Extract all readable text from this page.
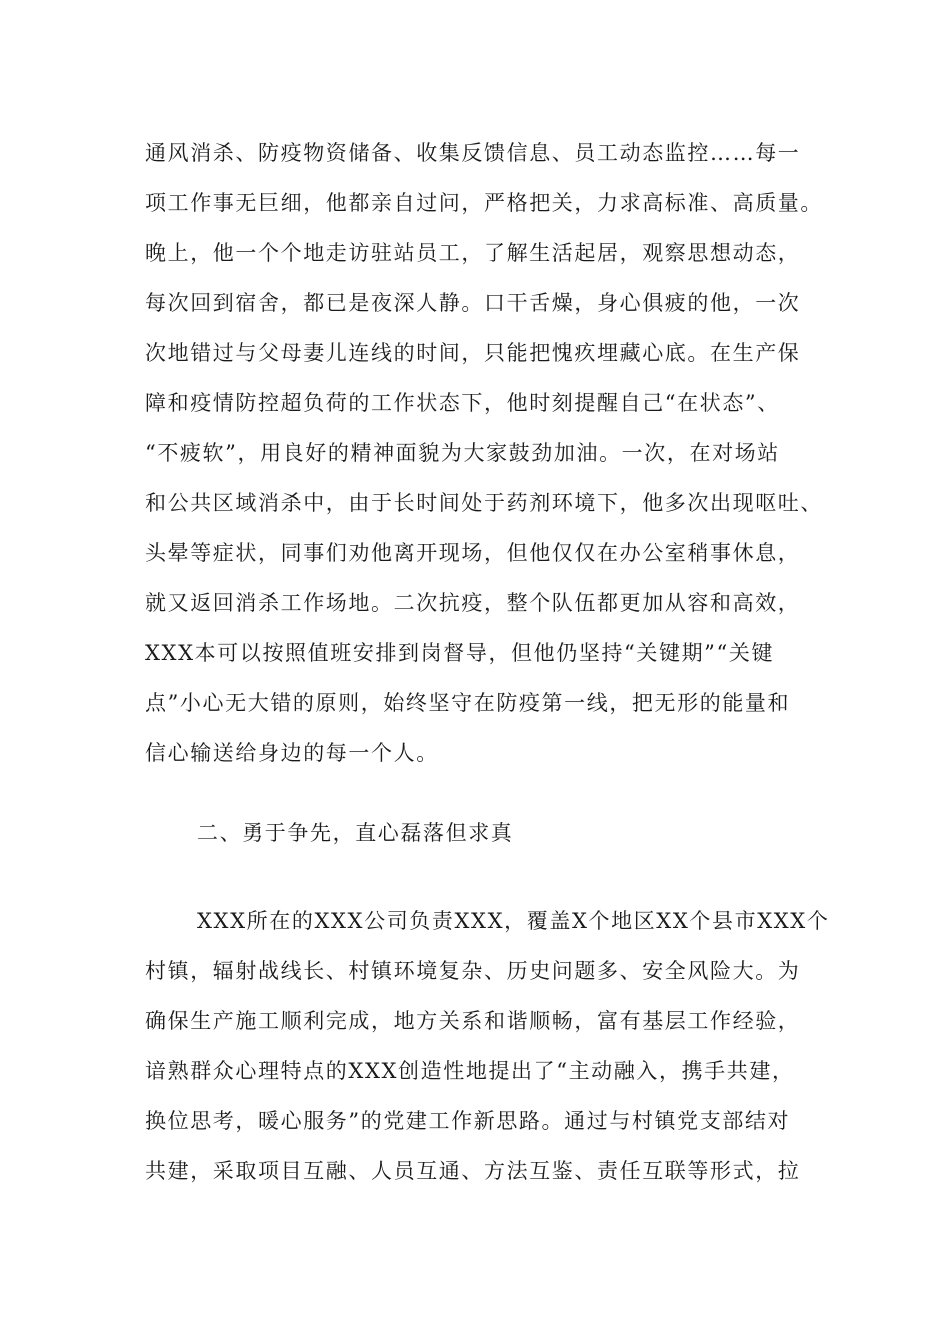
通风消杀、防疫物资储备、收集反馈信息、员工动态监控……每一
项工作事无巨细，他都亲自过问，严格把关，力求高标准、高质量。
晚上，他一个个地走访驻站员工，了解生活起居，观察思想动态，
每次回到宿舍，都已是夜深人静。口干舌燥，身心俱疲的他，一次
次地错过与父母妻儿连线的时间，只能把愧疚埋藏心底。在生产保
障和疫情防控超负荷的工作状态下，他时刻提醒自己“在状态”、
“不疲软”，用良好的精神面貌为大家鼓劲加油。一次，在对场站
和公共区域消杀中，由于长时间处于药剂环境下，他多次出现呕吐、
头晕等症状，同事们劝他离开现场，但他仅仅在办公室稍事休息，
就又返回消杀工作场地。二次抗疫，整个队伍都更加从容和高效，
XXX本可以按照值班安排到岗督导，但他仍坚持“关键期”“关键
点”小心无大错的原则，始终坚守在防疫第一线，把无形的能量和
信心输送给身边的每一个人。
二、勇于争先，直心磊落但求真
XXX所在的XXX公司负责XXX，覆盖X个地区XX个县市XXX个
村镇，辐射战线长、村镇环境复杂、历史问题多、安全风险大。为
确保生产施工顺利完成，地方关系和谐顺畅，富有基层工作经验，
谙熟群众心理特点的XXX创造性地提出了“主动融入，携手共建，
换位思考，暖心服务”的党建工作新思路。通过与村镇党支部结对
共建，采取项目互融、人员互通、方法互鉴、责任互联等形式，拉
